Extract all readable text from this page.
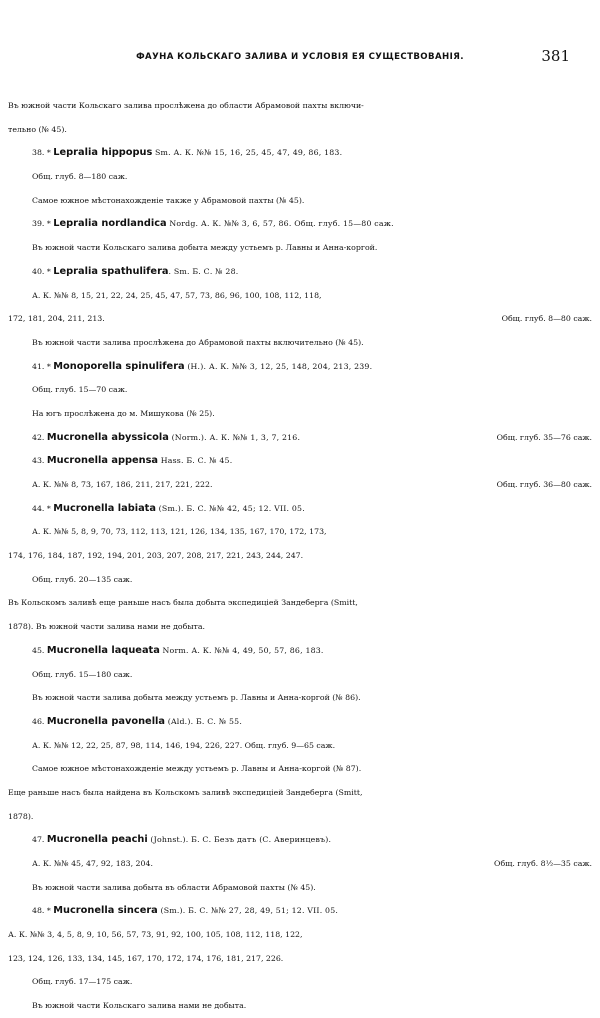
ФАУНА КОЛЬСКАГО ЗАЛИВА И УСЛОВІЯ ЕЯ СУЩЕСТВОВАНІЯ.	381
Въ южной части Кольскаго залива прослѣжена до области Абрамовой пахты включи-
тельно (№ 45).
38. * Lepralia hippopus Sm. А. К. №№ 15, 16, 25, 45, 47, 49, 86, 183.
Общ. глуб. 8—180 саж.
Самое южное мѣстонахожденіе также у Абрамовой пахты (№ 45).
39. * Lepralia nordlandica Nordg. А. К. №№ 3, 6, 57, 86. Общ. глуб. 15—80 саж.
Въ южной части Кольскаго залива добыта между устьемъ р. Лавны и Анна-коргой.
40. * Lepralia spathulifera. Sm. Б. С. № 28.
А. К. №№ 8, 15, 21, 22, 24, 25, 45, 47, 57, 73, 86, 96, 100, 108, 112, 118,
172, 181, 204, 211, 213.	Общ. глуб. 8—80 саж.
Въ южной части залива прослѣжена до Абрамовой пахты включительно (№ 45).
41. * Monoporella spinulifera (H.). А. К. №№ 3, 12, 25, 148, 204, 213, 239.
Общ. глуб. 15—70 саж.
На югъ прослѣжена до м. Мишукова (№ 25).
42. Mucronella abyssicola (Norm.). А. К. №№ 1, 3, 7, 216.	Общ. глуб. 35—76 саж.
43. Mucronella appensa Hass. Б. С. № 45.
А. К. №№ 8, 73, 167, 186, 211, 217, 221, 222.	Общ. глуб. 36—80 саж.
44. * Mucronella labiata (Sm.). Б. С. №№ 42, 45; 12. VII. 05.
А. К. №№ 5, 8, 9, 70, 73, 112, 113, 121, 126, 134, 135, 167, 170, 172, 173,
174, 176, 184, 187, 192, 194, 201, 203, 207, 208, 217, 221, 243, 244, 247.
Общ. глуб. 20—135 саж.
Въ Кольскомъ заливѣ еще раньше насъ была добыта экспедиціей Зандеберга (Smitt,
1878). Въ южной части залива нами не добыта.
45. Mucronella laqueata Norm. А. К. №№ 4, 49, 50, 57, 86, 183.
Общ. глуб. 15—180 саж.
Въ южной части залива добыта между устьемъ р. Лавны и Анна-коргой (№ 86).
46. Mucronella pavonella (Ald.). Б. С. № 55.
А. К. №№ 12, 22, 25, 87, 98, 114, 146, 194, 226, 227. Общ. глуб. 9—65 саж.
Самое южное мѣстонахожденіе между устьемъ р. Лавны и Анна-коргой (№ 87).
Еще раньше насъ была найдена въ Кольскомъ заливѣ экспедиціей Зандеберга (Smitt,
1878).
47. Mucronella peachi (Johnst.). Б. С. Безъ датъ (С. Аверинцевъ).
А. К. №№ 45, 47, 92, 183, 204.	Общ. глуб. 8½—35 саж.
Въ южной части залива добыта въ области Абрамовой пахты (№ 45).
48. * Mucronella sincera (Sm.). Б. С. №№ 27, 28, 49, 51; 12. VII. 05.
А. К. №№ 3, 4, 5, 8, 9, 10, 56, 57, 73, 91, 92, 100, 105, 108, 112, 118, 122,
123, 124, 126, 133, 134, 145, 167, 170, 172, 174, 176, 181, 217, 226.
Общ. глуб. 17—175 саж.
Въ южной части Кольскаго залива нами не добыта.
